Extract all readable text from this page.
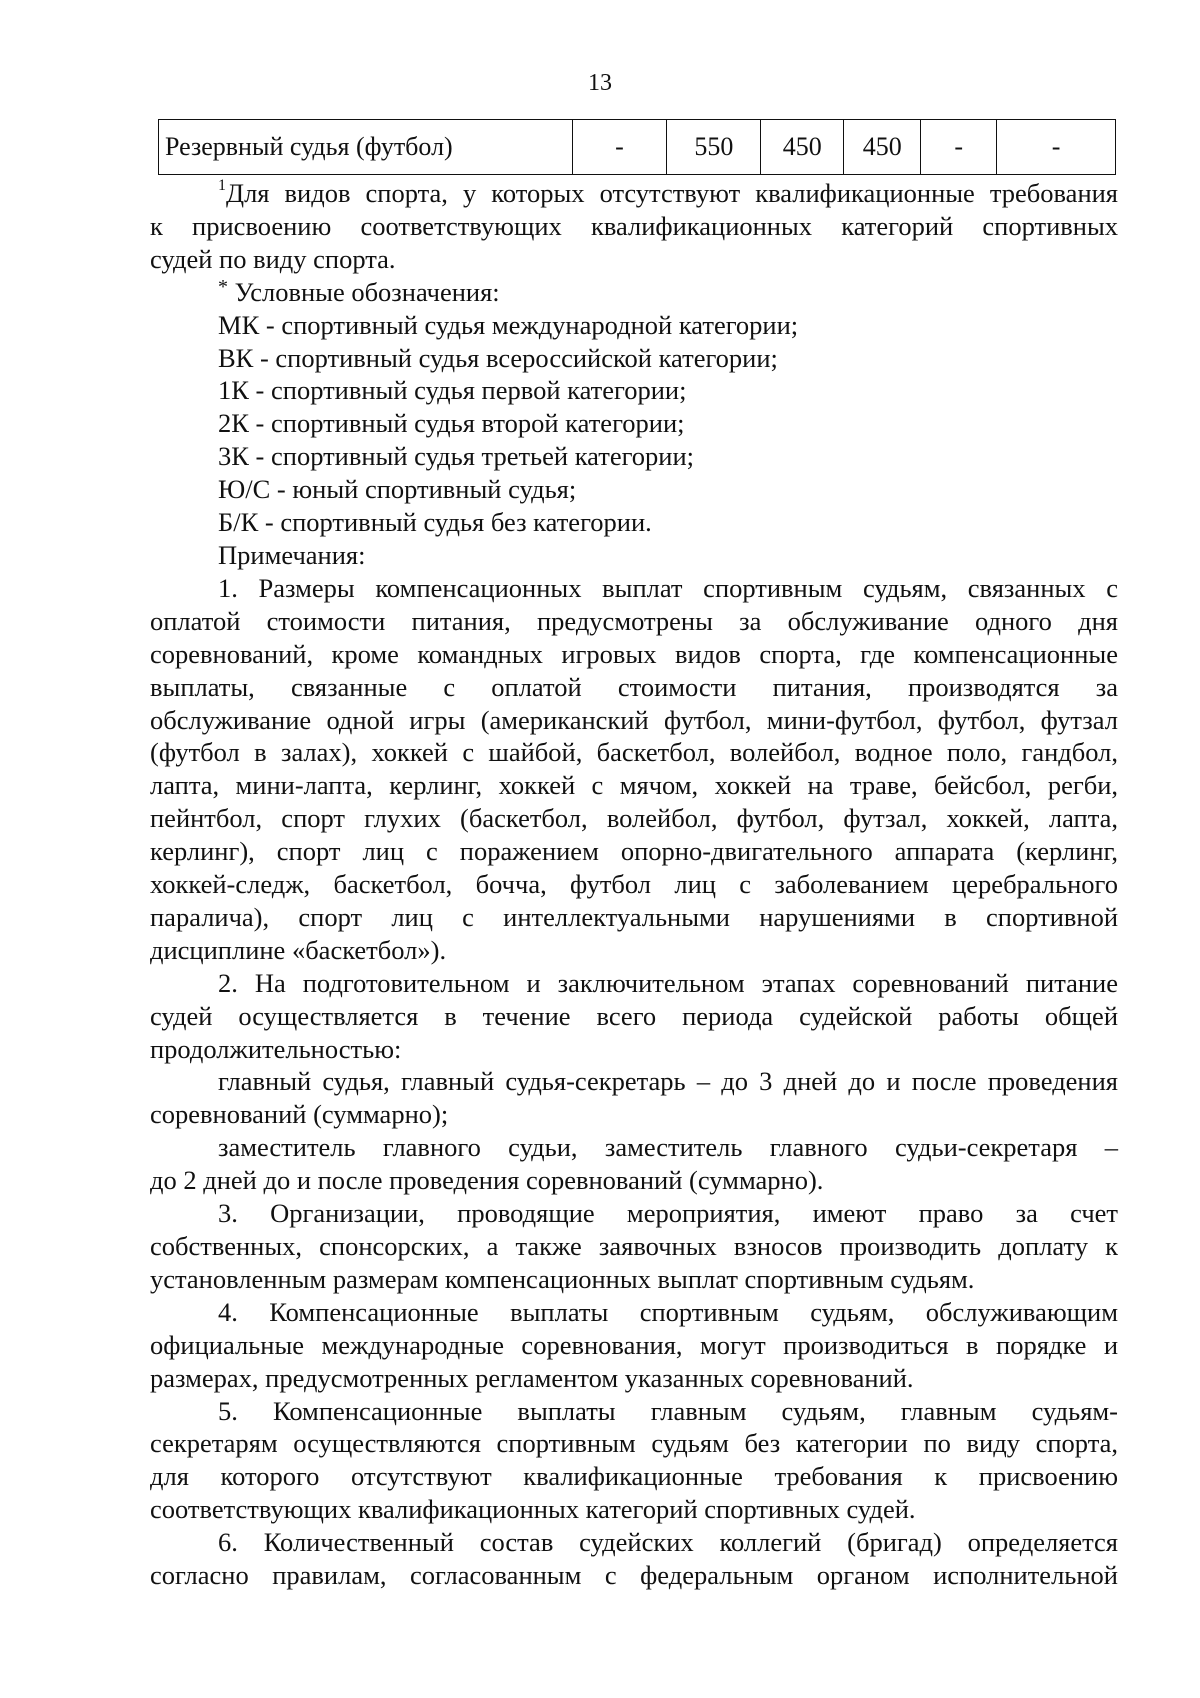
13
Резервный судья (футбол)	-	550	450	450	-	-

$^1$Для видов спорта, у которых отсутствуют квалификационные требования

к присвоению соответствующих квалификационных категорий спортивных

судей по виду спорта.

* Условные обозначения:

МК - спортивный судья международной категории;

ВК - спортивный судья всероссийской категории;

1К - спортивный судья первой категории;

2К - спортивный судья второй категории;

3К - спортивный судья третьей категории;

Ю/С - юный спортивный судья;

Б/К - спортивный судья без категории.

Примечания:

1. Размеры компенсационных выплат спортивным судьям, связанных с

оплатой стоимости питания, предусмотрены за обслуживание одного дня

соревнований, кроме командных игровых видов спорта, где компенсационные

выплаты, связанные с оплатой стоимости питания, производятся за

обслуживание одной игры (американский футбол, мини-футбол, футбол, футзал

(футбол в залах), хоккей с шайбой, баскетбол, волейбол, водное поло, гандбол,

лапта, мини-лапта, керлинг, хоккей с мячом, хоккей на траве, бейсбол, регби,

пейнтбол, спорт глухих (баскетбол, волейбол, футбол, футзал, хоккей, лапта,

керлинг), спорт лиц с поражением опорно-двигательного аппарата (керлинг,

хоккей-следж, баскетбол, бочча, футбол лиц с заболеванием церебрального

паралича), спорт лиц с интеллектуальными нарушениями в спортивной

дисциплине «баскетбол»).

2. На подготовительном и заключительном этапах соревнований питание

судей осуществляется в течение всего периода судейской работы общей

продолжительностью:

главный судья, главный судья-секретарь – до 3 дней до и после проведения

соревнований (суммарно);

заместитель главного судьи, заместитель главного судьи-секретаря –

до 2 дней до и после проведения соревнований (суммарно).

3. Организации, проводящие мероприятия, имеют право за счет

собственных, спонсорских, а также заявочных взносов производить доплату к

установленным размерам компенсационных выплат спортивным судьям.

4. Компенсационные выплаты спортивным судьям, обслуживающим

официальные международные соревнования, могут производиться в порядке и

размерах, предусмотренных регламентом указанных соревнований.

5. Компенсационные выплаты главным судьям, главным судьям-

секретарям осуществляются спортивным судьям без категории по виду спорта,

для которого отсутствуют квалификационные требования к присвоению

соответствующих квалификационных категорий спортивных судей.

6. Количественный состав судейских коллегий (бригад) определяется

согласно правилам, согласованным с федеральным органом исполнительной
